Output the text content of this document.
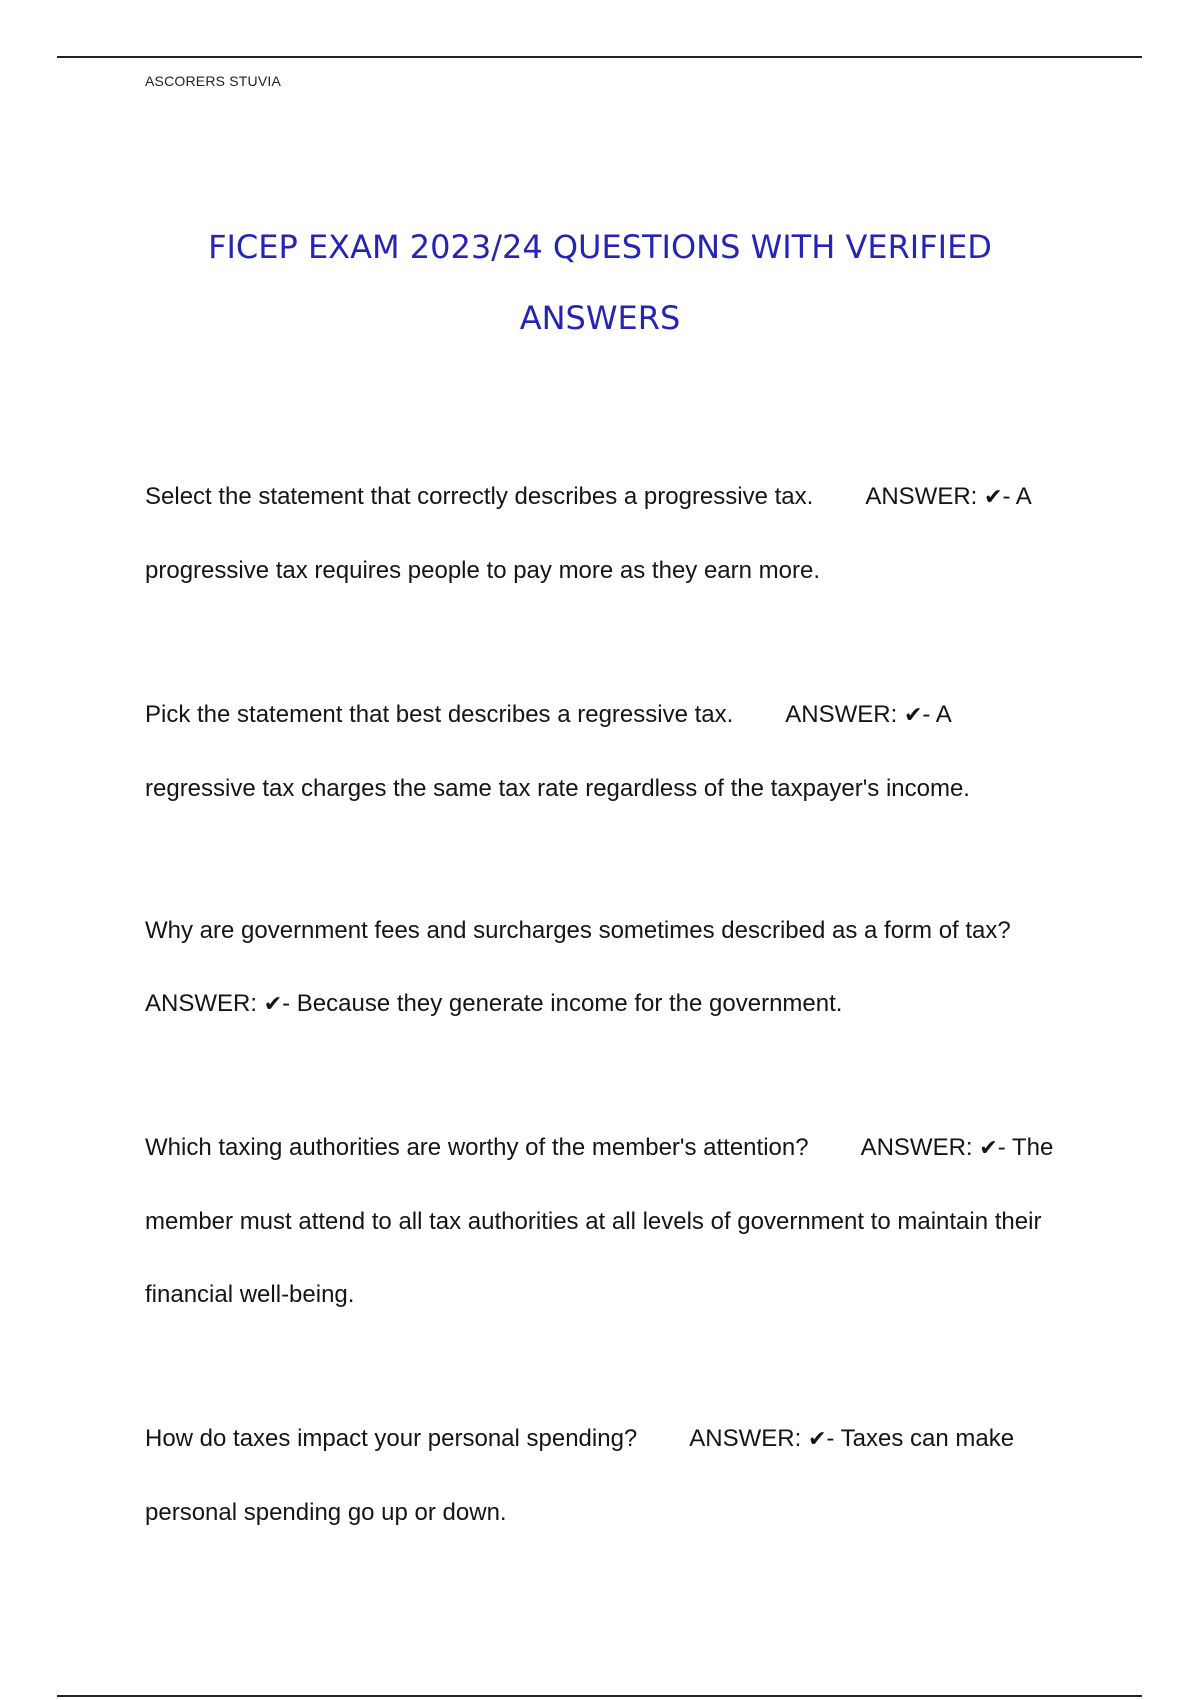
ASCORERS STUVIA
FICEP EXAM 2023/24 QUESTIONS WITH VERIFIED ANSWERS
Select the statement that correctly describes a progressive tax. ANSWER: ✔- A progressive tax requires people to pay more as they earn more.
Pick the statement that best describes a regressive tax. ANSWER: ✔- A regressive tax charges the same tax rate regardless of the taxpayer's income.
Why are government fees and surcharges sometimes described as a form of tax?ANSWER: ✔- Because they generate income for the government.
Which taxing authorities are worthy of the member's attention? ANSWER: ✔- The member must attend to all tax authorities at all levels of government to maintain their financial well-being.
How do taxes impact your personal spending? ANSWER: ✔- Taxes can make personal spending go up or down.
